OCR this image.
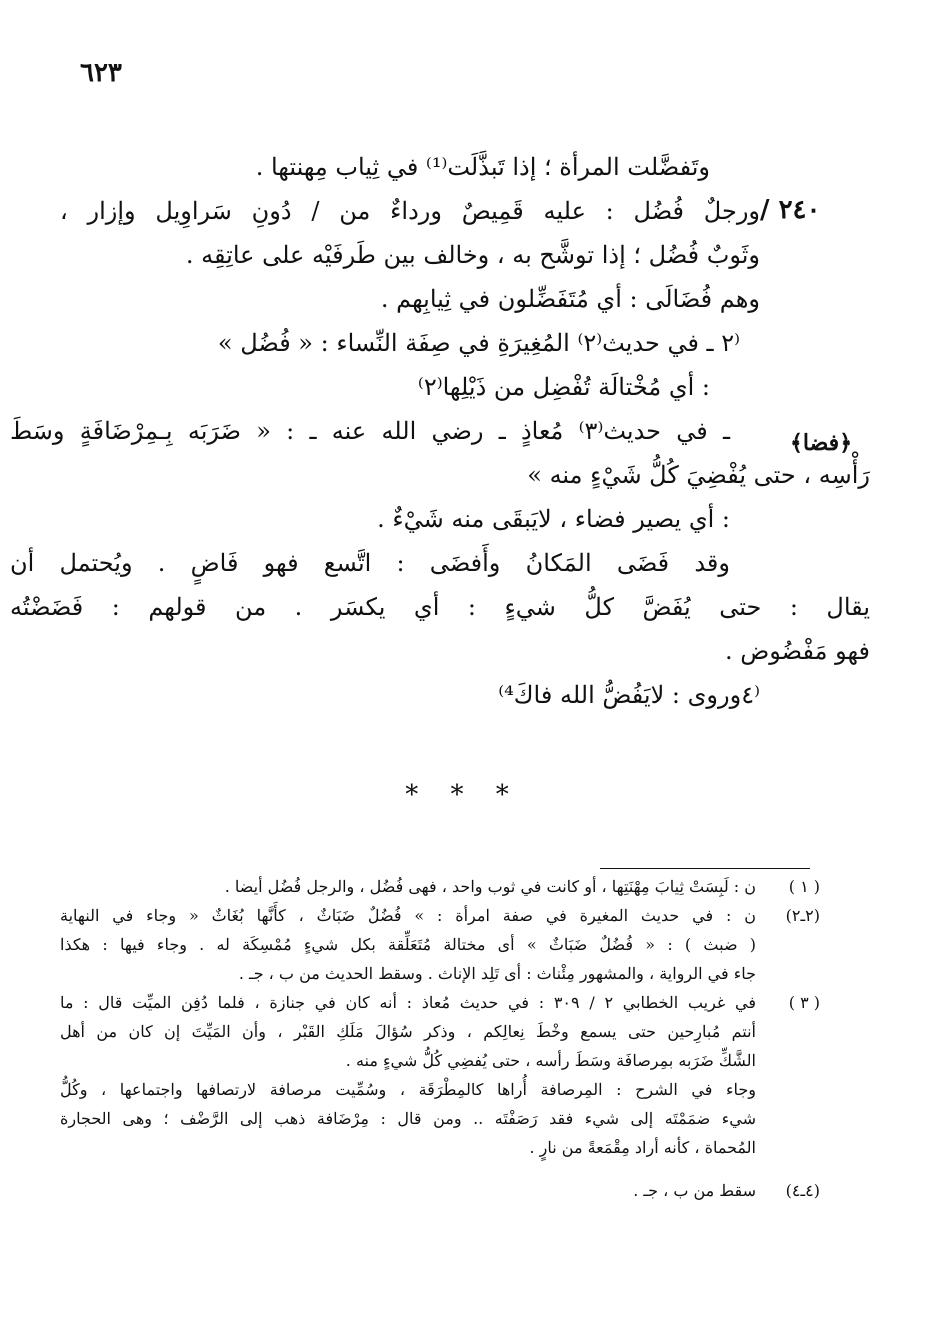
٦٢٣
٢٤٠ /
﴿فضا﴾
وتَفضَّلت المرأة ؛ إذا تَبذَّلَت⁽¹⁾ في ثِياب مِهنتها .
ورجلٌ فُضُل : عليه قَمِيصٌ ورداءٌ من / دُونِ سَراوِيل وإزار ،
وثَوبٌ فُضُل ؛ إذا توشَّح به ، وخالف بين طَرفَيْه على عاتِقِه .
وهم فُضَالَى : أي مُتَفَضِّلون في ثِيابِهم .
⁽٢ ـ في حديث⁽٢⁾ المُغِيرَةِ في صِفَة النِّساء : « فُضُل »
: أي مُخْتالَة تُفْضِل من ذَيْلِها⁽٢⁾
ـ في حديث⁽٣⁾ مُعاذٍ ـ رضي الله عنه ـ : « ضَرَبَه بِـمِرْضَافَةٍ وسَطَ
رَأْسِه ، حتى يُفْضِيَ كُلُّ شَيْءٍ منه »
: أي يصير فضاء ، لايَبقَى منه شَيْءٌ .
وقد فَضَى المَكانُ وأَفضَى : اتَّسع فهو فَاضٍ . ويُحتمل أن
يقال : حتى يُفَضَّ كلُّ شيءٍ : أي يكسَر . من قولهم : فَضَضْتُه
فهو مَفْضُوض .
⁽٤وروى : لايَفُضُّ الله فاكَ⁴⁾
* * *
( ١ )
ن : لَبِسَتْ ثِيابَ مِهْنَتِها ، أو كانت في ثوب واحد ، فهى فُضُل ، والرجل فُضُل أيضا .
(٢ـ٢)
ن : في حديث المغيرة في صفة امرأة : » فُضُلٌ ضَبَاثٌ ، كأَنَّها بُغَاثٌ « وجاء في النهاية
( ضبث ) : « فُضُلٌ ضَبَاثٌ » أى مختالة مُتَعَلِّقة بكل شيءٍ مُمْسِكَة له . وجاء فيها : هكذا
جاء في الرواية ، والمشهور مِئْناث : أى تَلِد الإناث . وسقط الحديث من ب ، جـ .
( ٣ )
في غريب الخطابي ٢ / ٣٠٩ : في حديث مُعاذ : أنه كان في جنازة ، فلما دُفِن الميِّت قال : ما
أنتم مُبارِحين حتى يسمع وخْطَ نِعالِكم ، وذكر سُؤالَ مَلَكِ القَبْر ، وأن المَيِّتَ إن كان من أهل
الشَّكِّ ضَرَبه بمِرصافَة وسَطَ رأسه ، حتى يُفضِي كُلُّ شيءٍ منه .
وجاء في الشرح : المِرصافة أُراها كالمِطْرَقَة ، وسُمِّيت مرصافة لارتصافها واجتماعها ، وكُلُّ
شيء ضمَمْتَه إلى شيء فقد رَصَفْتَه .. ومن قال : مِرْضَافة ذهب إلى الرَّضْف ؛ وهى الحجارة
المُحماة ، كأنه أراد مِقْمَعةً من نارٍ .
(٤ـ٤)
سقط من ب ، جـ .
